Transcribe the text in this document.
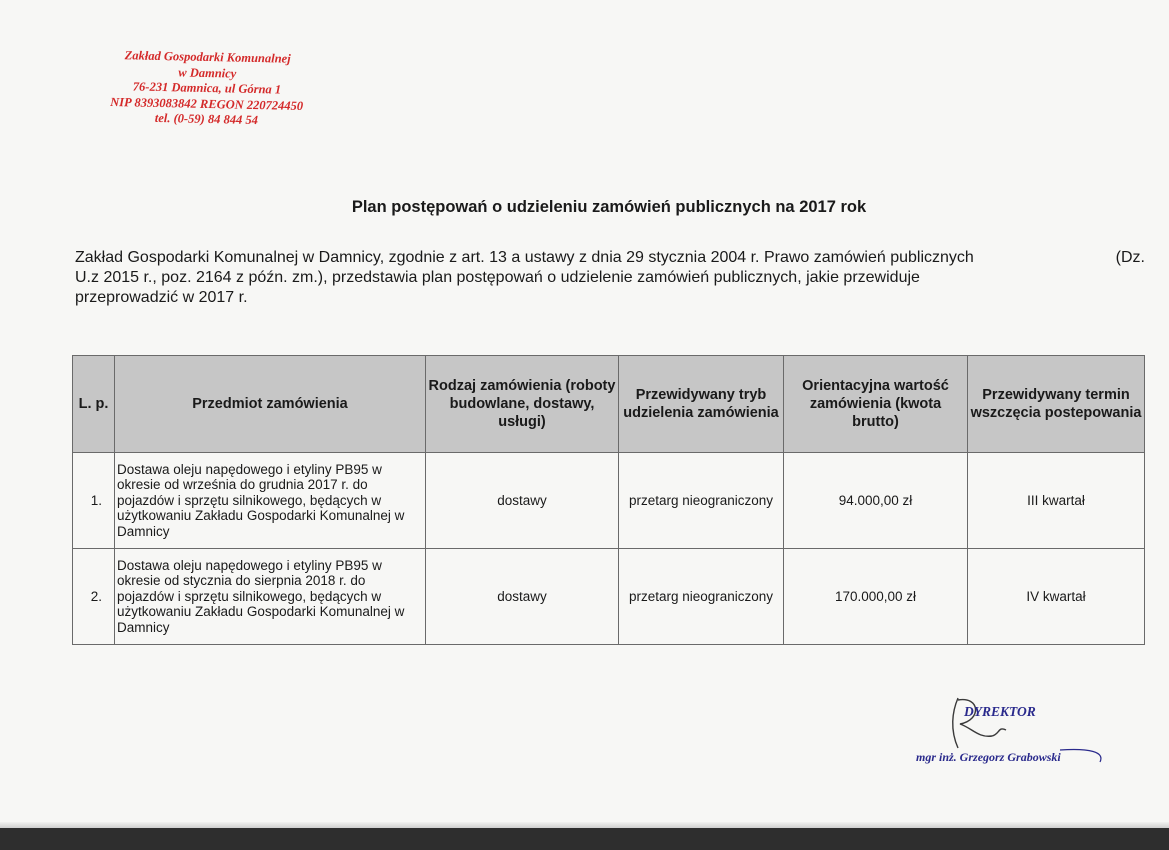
Zakład Gospodarki Komunalnej
w Damnicy
76-231 Damnica, ul Górna 1
NIP 8393083842 REGON 220724450
tel. (0-59) 84 844 54
Plan postępowań o udzieleniu zamówień publicznych na 2017 rok
Zakład Gospodarki Komunalnej w Damnicy, zgodnie z art. 13 a ustawy z dnia 29 stycznia 2004 r. Prawo zamówień publicznych	(Dz.
U.z 2015 r., poz. 2164 z późn. zm.), przedstawia plan postępowań o udzielenie zamówień publicznych, jakie przewiduje
przeprowadzić w 2017 r.
L. p.	Przedmiot zamówienia	Rodzaj zamówienia (roboty budowlane, dostawy, usługi)	Przewidywany tryb udzielenia zamówienia	Orientacyjna wartość zamówienia (kwota brutto)	Przewidywany termin wszczęcia postepowania
1.	Dostawa oleju napędowego i etyliny PB95 w okresie od września do grudnia 2017 r. do pojazdów i sprzętu silnikowego, będących w użytkowaniu Zakładu Gospodarki Komunalnej w Damnicy	dostawy	przetarg nieograniczony	94.000,00 zł	III kwartał
2.	Dostawa oleju napędowego i etyliny PB95 w okresie od stycznia do sierpnia 2018 r. do pojazdów i sprzętu silnikowego, będących w użytkowaniu Zakładu Gospodarki Komunalnej w Damnicy	dostawy	przetarg nieograniczony	170.000,00 zł	IV kwartał
DYREKTOR
mgr inż. Grzegorz Grabowski
